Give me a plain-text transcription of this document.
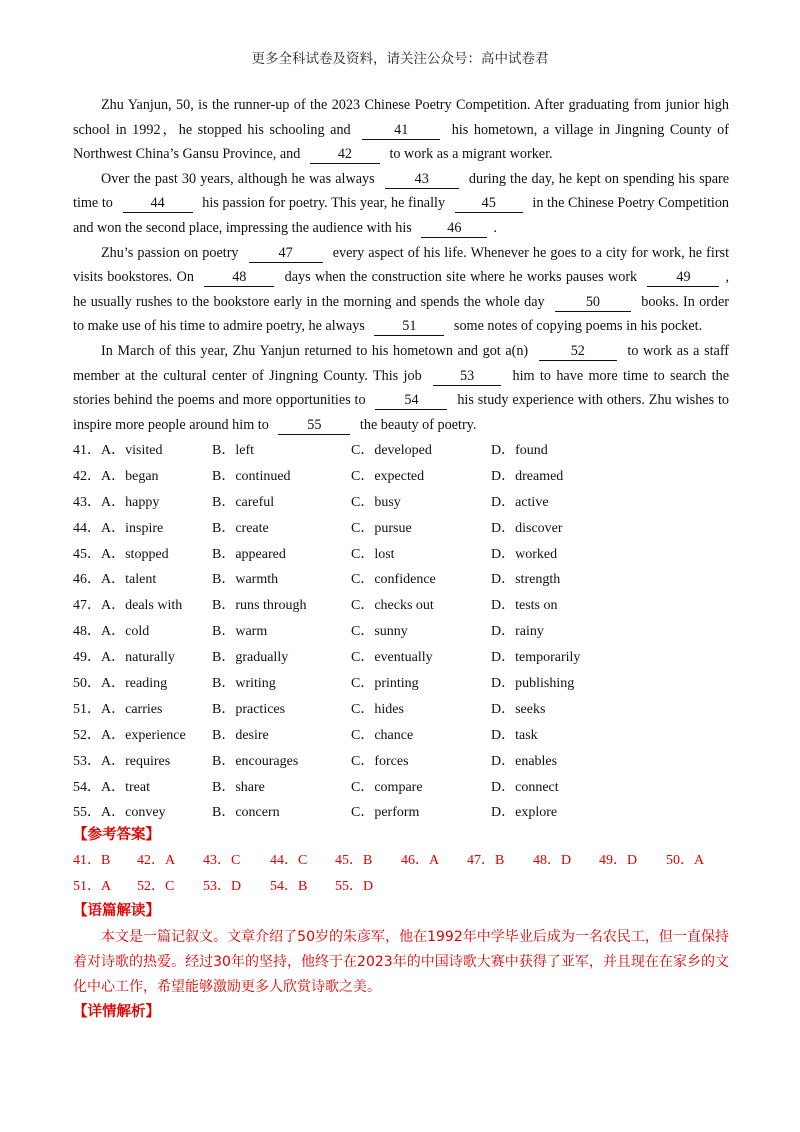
更多全科试卷及资料，请关注公众号：高中试卷君

Zhu Yanjun, 50, is the runner-up of the 2023 Chinese Poetry Competition. After graduating from junior high school in 1992，he stopped his schooling and	41	his hometown, a village in Jingning County of Northwest China’s Gansu Province, and	42	to work as a migrant worker.

Over the past 30 years, although he was always	43	during the day, he kept on spending his spare time to	44	his passion for poetry. This year, he finally	45	in the Chinese Poetry Competition and won the second place, impressing the audience with his 46 .

Zhu’s passion on poetry	47	every aspect of his life. Whenever he goes to a city for work, he first visits bookstores. On	48	days when the construction site where he works pauses work	49 , he usually rushes to the bookstore early in the morning and spends the whole day	50	books. In order to make use of his time to admire poetry, he always	51	some notes of copying poems in his pocket.

In March of this year, Zhu Yanjun returned to his hometown and got a(n)	52	to work as a staff member at the cultural center of Jingning County. This job	53	him to have more time to search the stories behind the poems and more opportunities to	54	his study experience with others. Zhu wishes to inspire more people around him to	55	the beauty of poetry.

41．A．visited	B．left	C．developed	D．found
42．A．began	B．continued	C．expected	D．dreamed
43．A．happy	B．careful	C．busy	D．active
44．A．inspire	B．create	C．pursue	D．discover
45．A．stopped	B．appeared	C．lost	D．worked
46．A．talent	B．warmth	C．confidence	D．strength
47．A．deals with B．runs through	C．checks out	D．tests on
48．A．cold	B．warm	C．sunny	D．rainy
49．A．naturally	B．gradually	C．eventually	D．temporarily
50．A．reading	B．writing	C．printing	D．publishing
51．A．carries	B．practices	C．hides	D．seeks
52．A．experience B．desire	C．chance	D．task
53．A．requires	B．encourages	C．forces	D．enables
54．A．treat	B．share	C．compare	D．connect
55．A．convey	B．concern	C．perform	D．explore
【参考答案】
41．B 42．A 43．C 44．C 45．B 46．A 47．B 48．D 49．D 50．A
51．A 52．C 53．D 54．B 55．D
【语篇解读】

本文是一篇记叙文。文章介绍了50岁的朱彦军，他在1992年中学毕业后成为一名农民工，但一直保持着对诗歌的热爱。经过30年的坚持，他终于在2023年的中国诗歌大赛中获得了亚军，并且现在在家乡的文化中心工作，希望能够激励更多人欣赏诗歌之美。

【详情解析】
